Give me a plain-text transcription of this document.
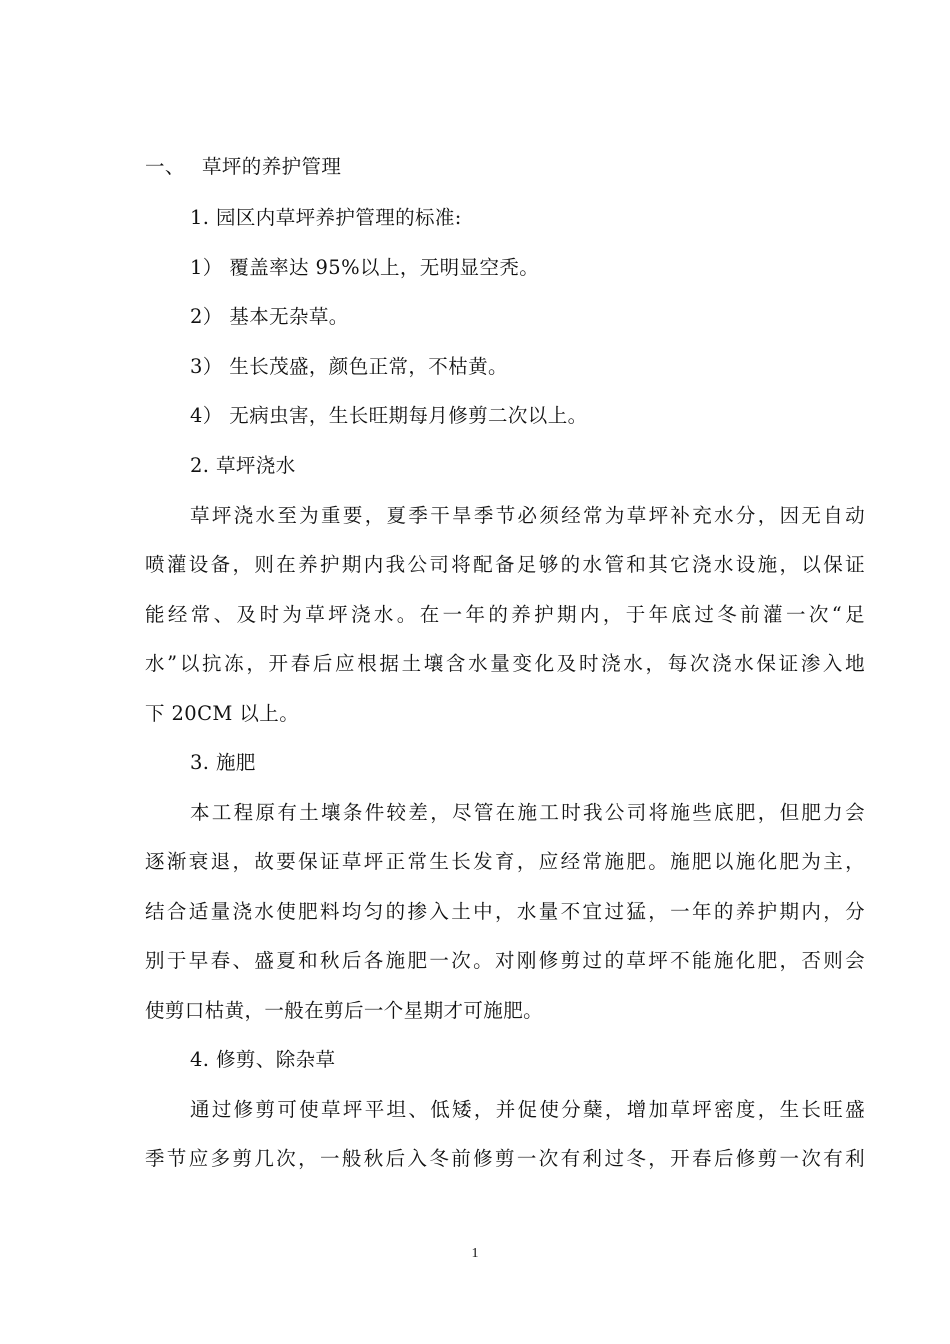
一、 草坪的养护管理
1. 园区内草坪养护管理的标准:
1） 覆盖率达 95%以上，无明显空秃。
2） 基本无杂草。
3） 生长茂盛，颜色正常，不枯黄。
4） 无病虫害，生长旺期每月修剪二次以上。
2. 草坪浇水
草坪浇水至为重要，夏季干旱季节必须经常为草坪补充水分，因无自动
喷灌设备，则在养护期内我公司将配备足够的水管和其它浇水设施，以保证
能经常、及时为草坪浇水。在一年的养护期内，于年底过冬前灌一次“足
水”以抗冻，开春后应根据土壤含水量变化及时浇水，每次浇水保证渗入地
下 20CM 以上。
3. 施肥
本工程原有土壤条件较差，尽管在施工时我公司将施些底肥，但肥力会
逐渐衰退，故要保证草坪正常生长发育，应经常施肥。施肥以施化肥为主，
结合适量浇水使肥料均匀的掺入土中，水量不宜过猛，一年的养护期内，分
别于早春、盛夏和秋后各施肥一次。对刚修剪过的草坪不能施化肥，否则会
使剪口枯黄，一般在剪后一个星期才可施肥。
4. 修剪、除杂草
通过修剪可使草坪平坦、低矮，并促使分蘖，增加草坪密度，生长旺盛
季节应多剪几次，一般秋后入冬前修剪一次有利过冬，开春后修剪一次有利
1
